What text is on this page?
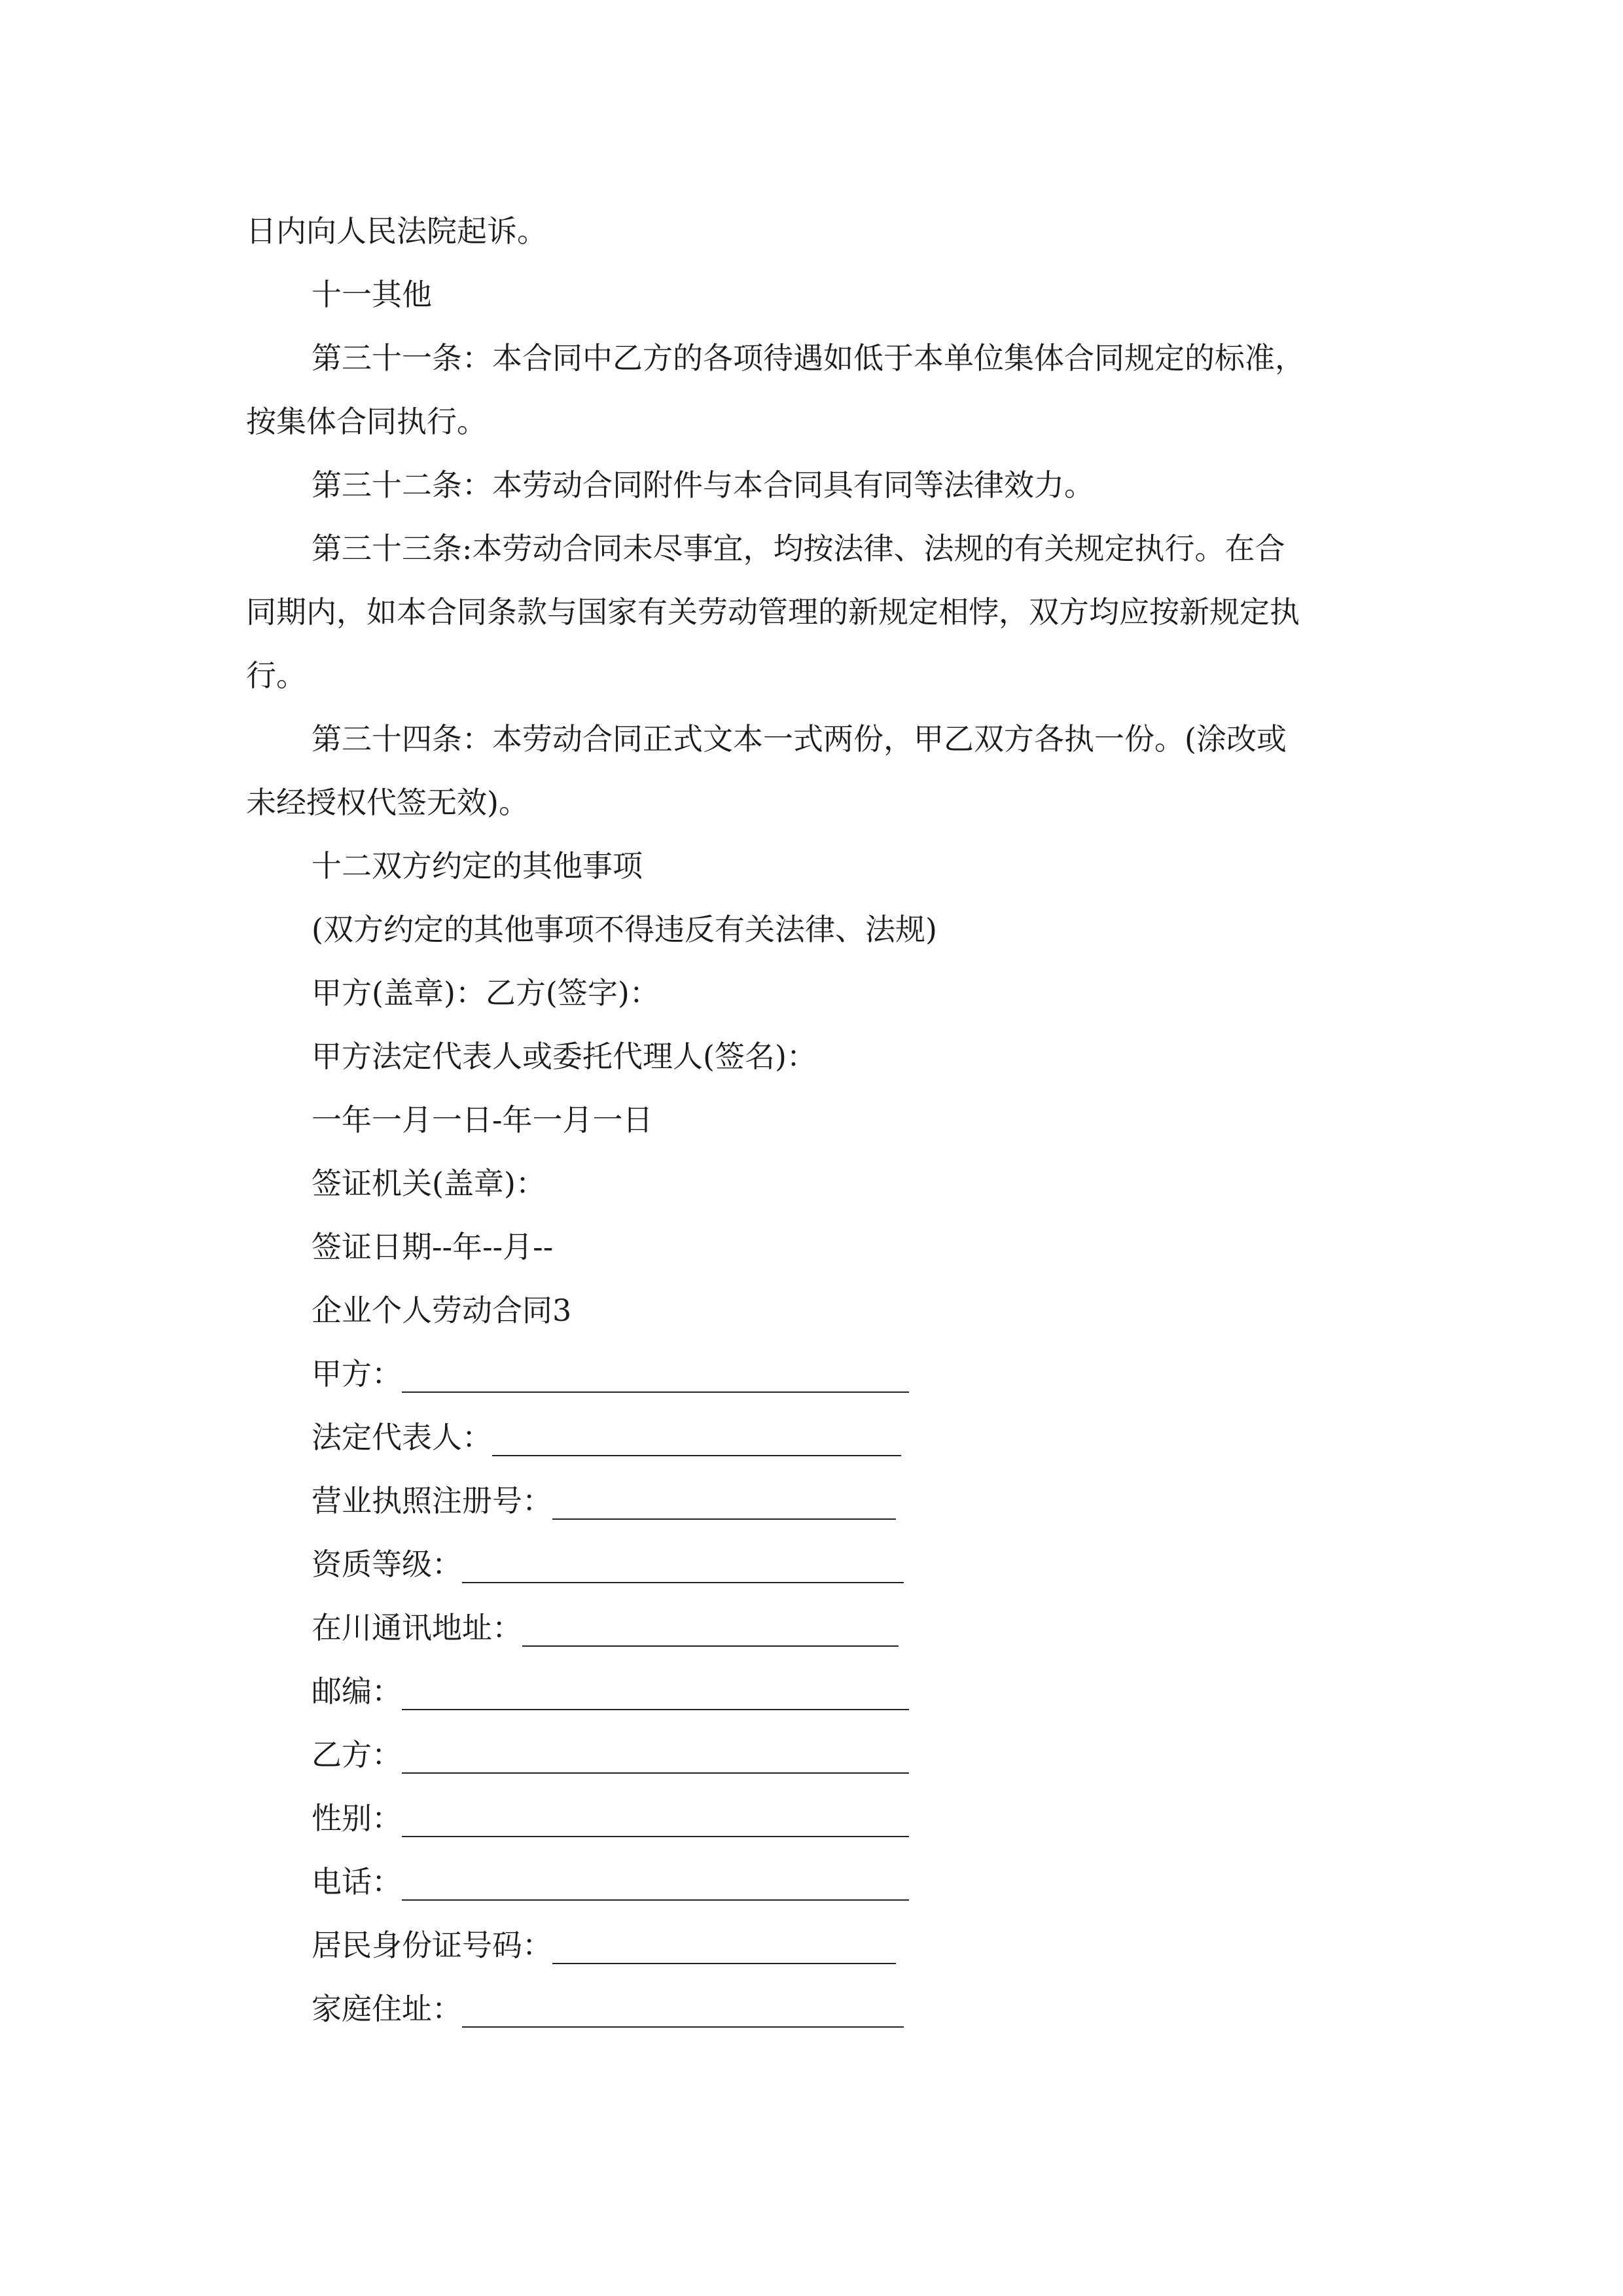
日内向人民法院起诉。
十一其他
第三十一条：本合同中乙方的各项待遇如低于本单位集体合同规定的标准，
按集体合同执行。
第三十二条：本劳动合同附件与本合同具有同等法律效力。
第三十三条:本劳动合同未尽事宜，均按法律、法规的有关规定执行。在合
同期内，如本合同条款与国家有关劳动管理的新规定相悖，双方均应按新规定执
行。
第三十四条：本劳动合同正式文本一式两份，甲乙双方各执一份。(涂改或
未经授权代签无效)。
十二双方约定的其他事项
(双方约定的其他事项不得违反有关法律、法规)
甲方(盖章)：乙方(签字)：
甲方法定代表人或委托代理人(签名)：
一年一月一日-年一月一日
签证机关(盖章)：
签证日期--年--月--
企业个人劳动合同3
甲方：
法定代表人：
营业执照注册号：
资质等级：
在川通讯地址：
邮编：
乙方：
性别：
电话：
居民身份证号码：
家庭住址：
